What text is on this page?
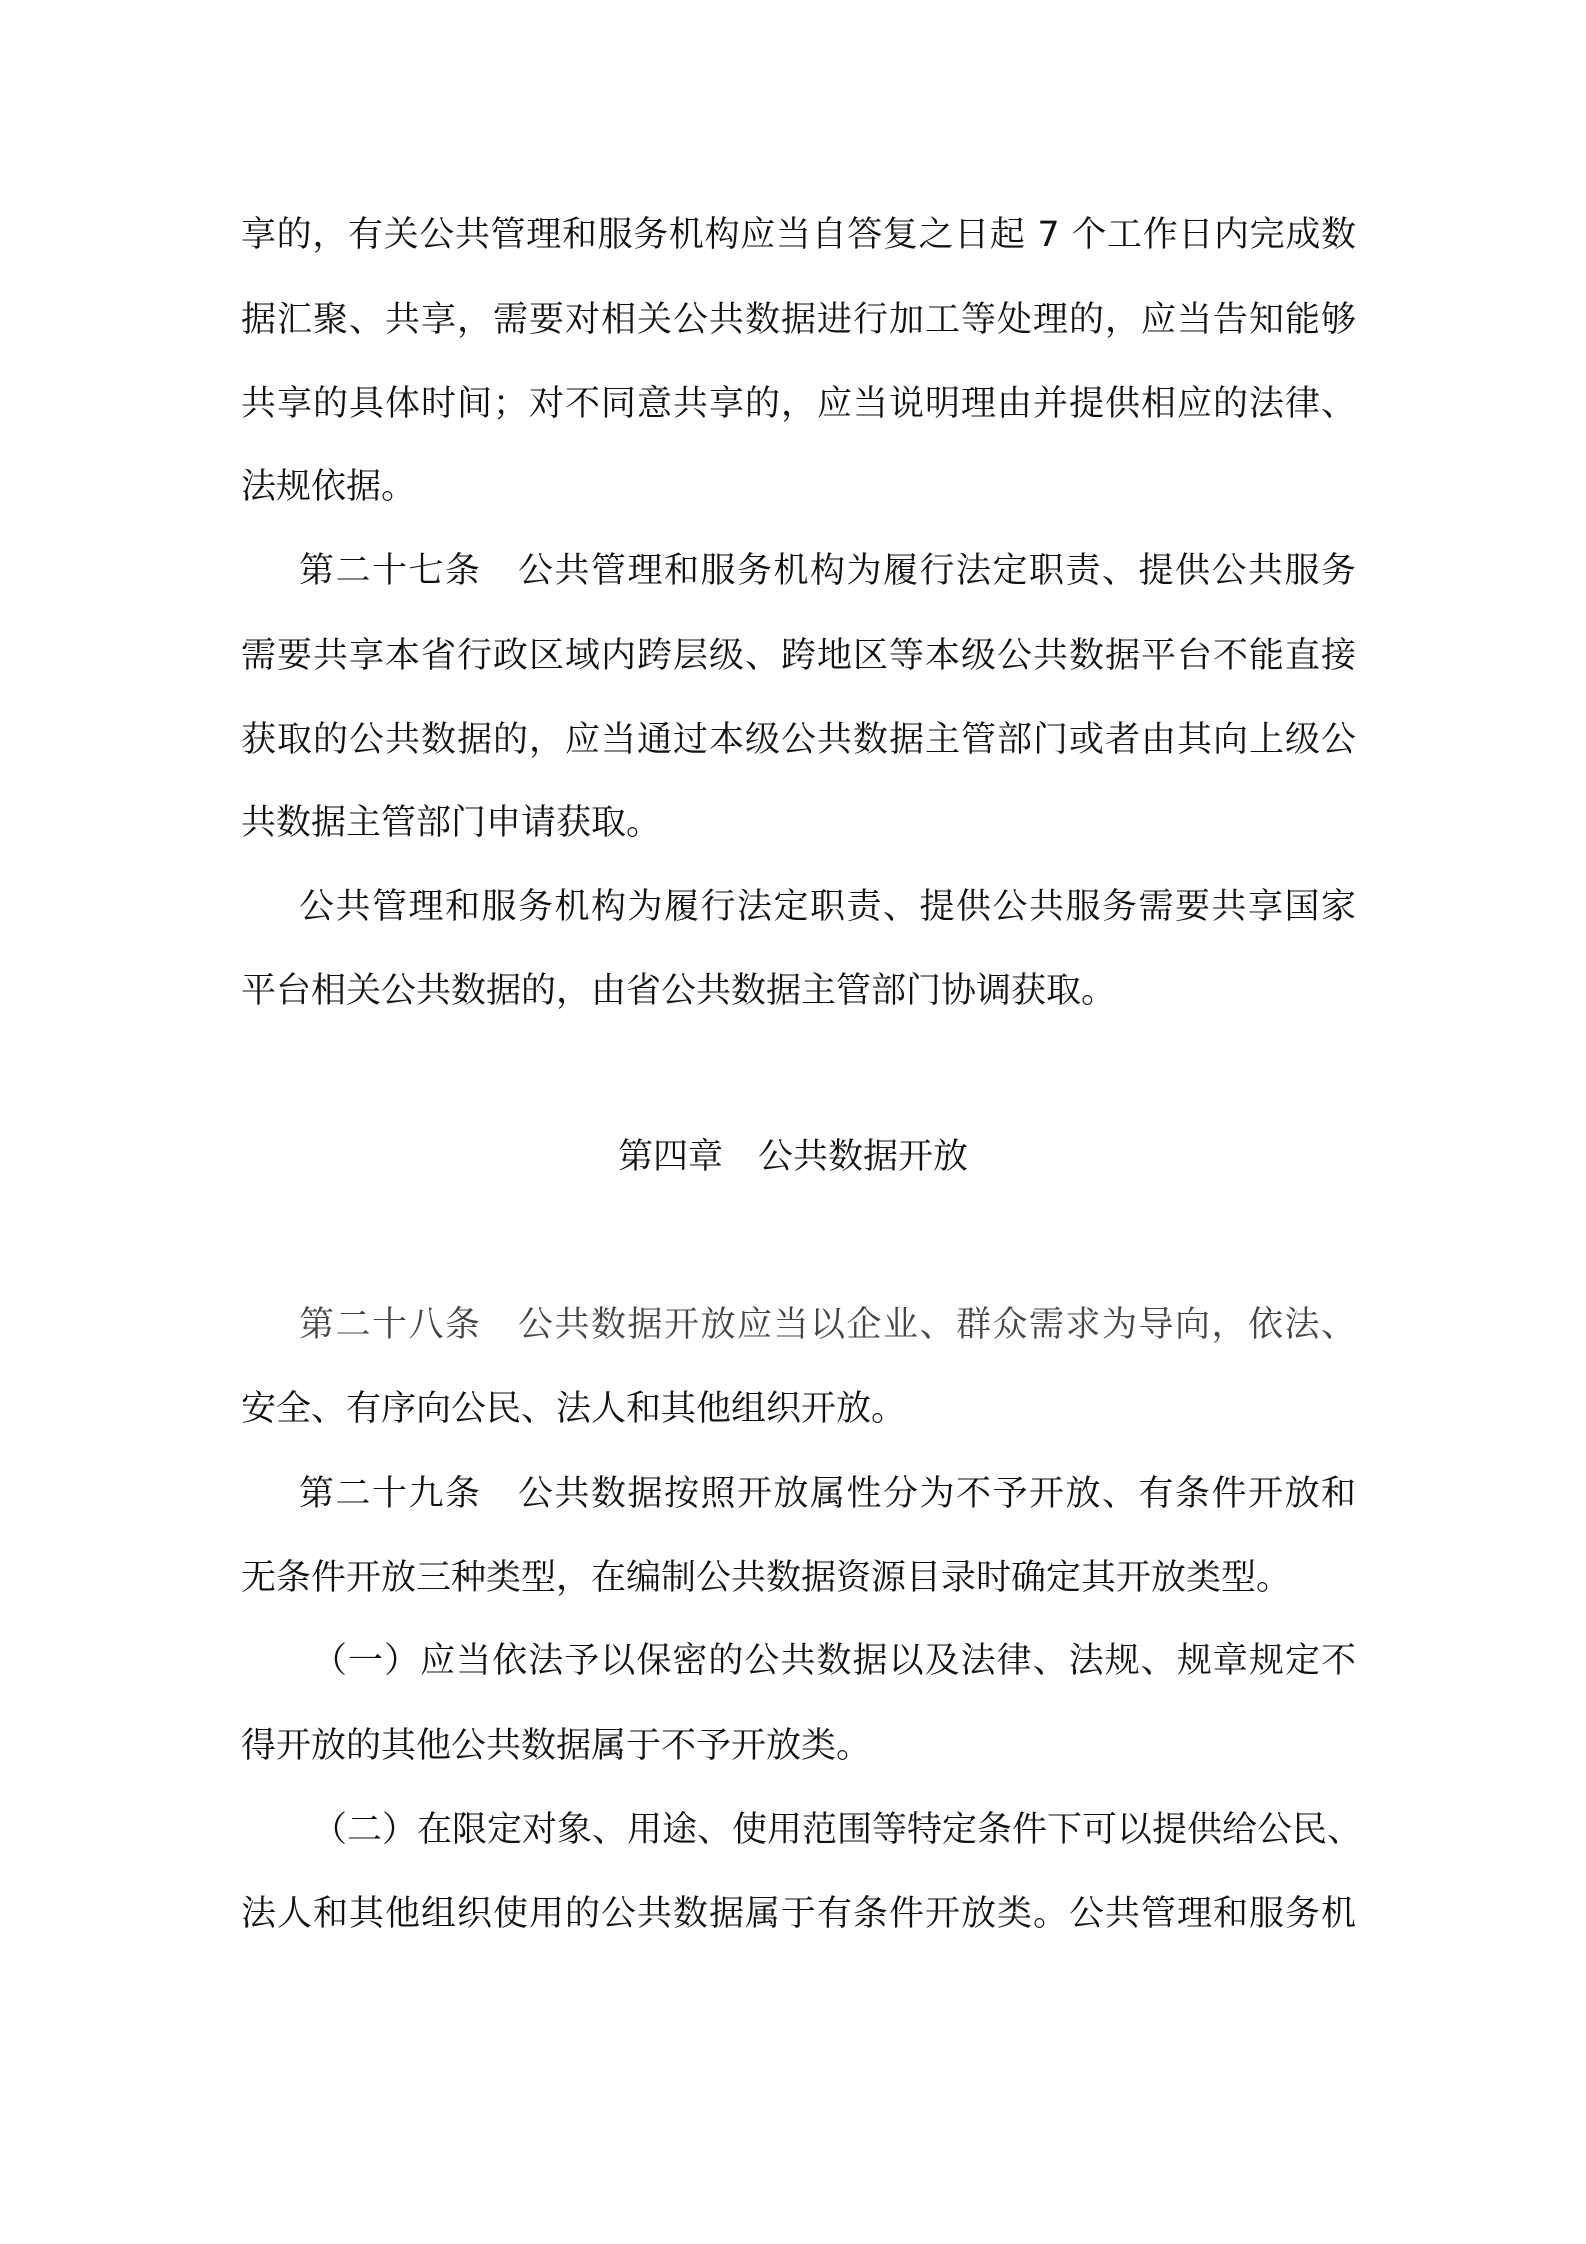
享的，有关公共管理和服务机构应当自答复之日起 7 个工作日内完成数
据汇聚、共享，需要对相关公共数据进行加工等处理的，应当告知能够
共享的具体时间；对不同意共享的，应当说明理由并提供相应的法律、
法规依据。
第二十七条　公共管理和服务机构为履行法定职责、提供公共服务
需要共享本省行政区域内跨层级、跨地区等本级公共数据平台不能直接
获取的公共数据的，应当通过本级公共数据主管部门或者由其向上级公
共数据主管部门申请获取。
公共管理和服务机构为履行法定职责、提供公共服务需要共享国家
平台相关公共数据的，由省公共数据主管部门协调获取。
第四章　公共数据开放
第二十八条　公共数据开放应当以企业、群众需求为导向，依法、
安全、有序向公民、法人和其他组织开放。
第二十九条　公共数据按照开放属性分为不予开放、有条件开放和
无条件开放三种类型，在编制公共数据资源目录时确定其开放类型。
（一）应当依法予以保密的公共数据以及法律、法规、规章规定不
得开放的其他公共数据属于不予开放类。
（二）在限定对象、用途、使用范围等特定条件下可以提供给公民、
法人和其他组织使用的公共数据属于有条件开放类。公共管理和服务机
